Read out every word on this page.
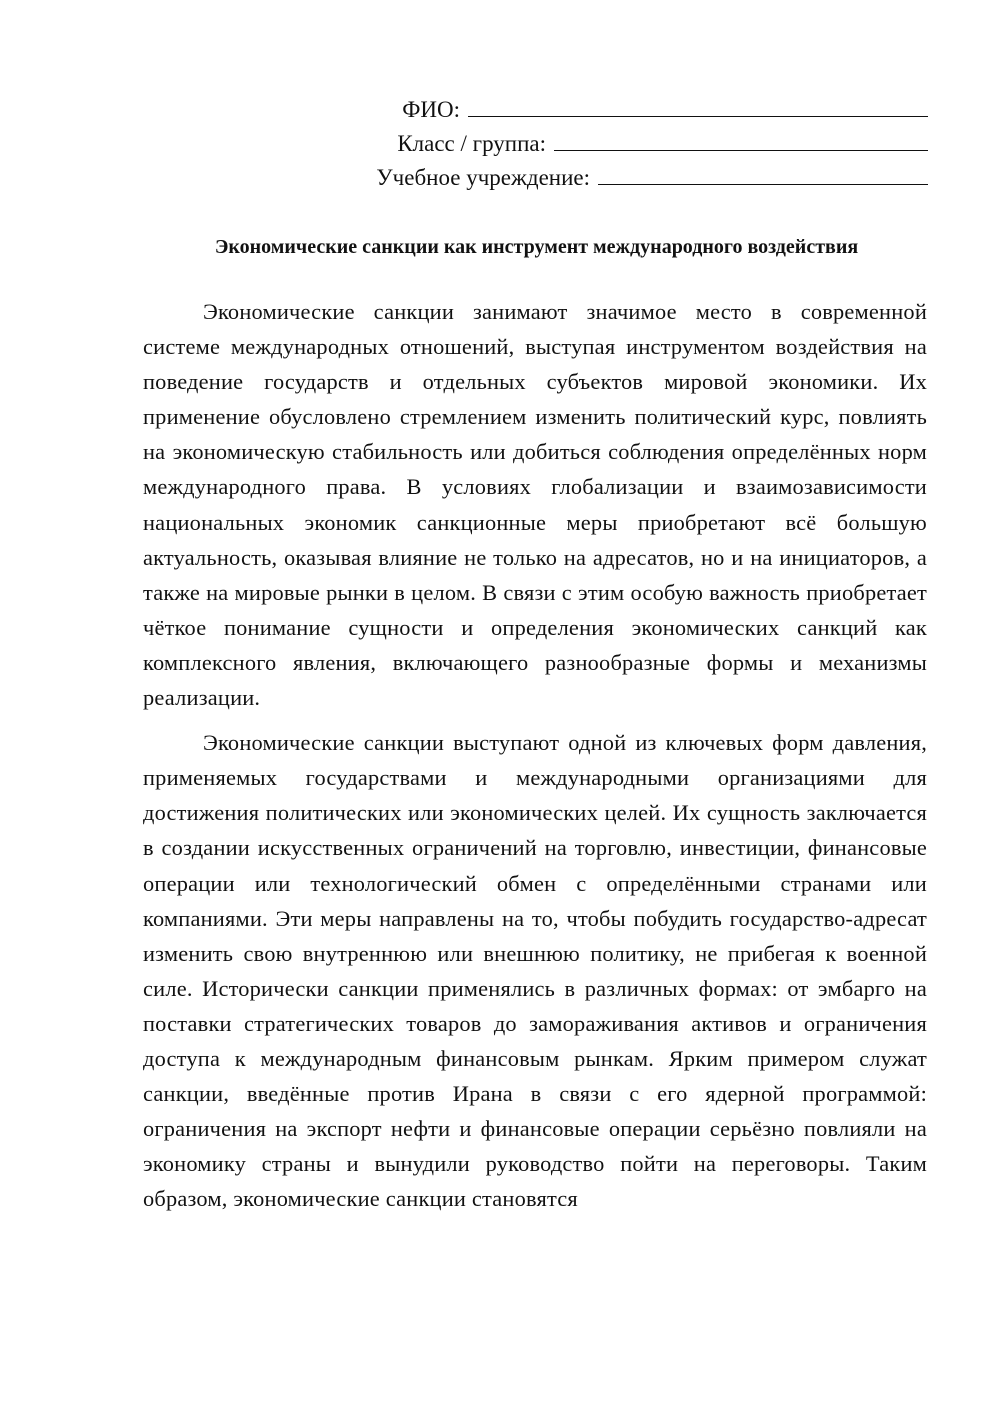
ФИО:
Класс / группа:
Учебное учреждение:
Экономические санкции как инструмент международного воздействия

Экономические санкции занимают значимое место в современной системе международных отношений, выступая инструментом воздействия на поведение государств и отдельных субъектов мировой экономики. Их применение обусловлено стремлением изменить политический курс, повлиять на экономическую стабильность или добиться соблюдения определённых норм международного права. В условиях глобализации и взаимозависимости национальных экономик санкционные меры приобретают всё большую актуальность, оказывая влияние не только на адресатов, но и на инициаторов, а также на мировые рынки в целом. В связи с этим особую важность приобретает чёткое понимание сущности и определения экономических санкций как комплексного явления, включающего разнообразные формы и механизмы реализации.

Экономические санкции выступают одной из ключевых форм давления, применяемых государствами и международными организациями для достижения политических или экономических целей. Их сущность заключается в создании искусственных ограничений на торговлю, инвестиции, финансовые операции или технологический обмен с определёнными странами или компаниями. Эти меры направлены на то, чтобы побудить государство-адресат изменить свою внутреннюю или внешнюю политику, не прибегая к военной силе. Исторически санкции применялись в различных формах: от эмбарго на поставки стратегических товаров до замораживания активов и ограничения доступа к международным финансовым рынкам. Ярким примером служат санкции, введённые против Ирана в связи с его ядерной программой: ограничения на экспорт нефти и финансовые операции серьёзно повлияли на экономику страны и вынудили руководство пойти на переговоры. Таким образом, экономические санкции становятся
